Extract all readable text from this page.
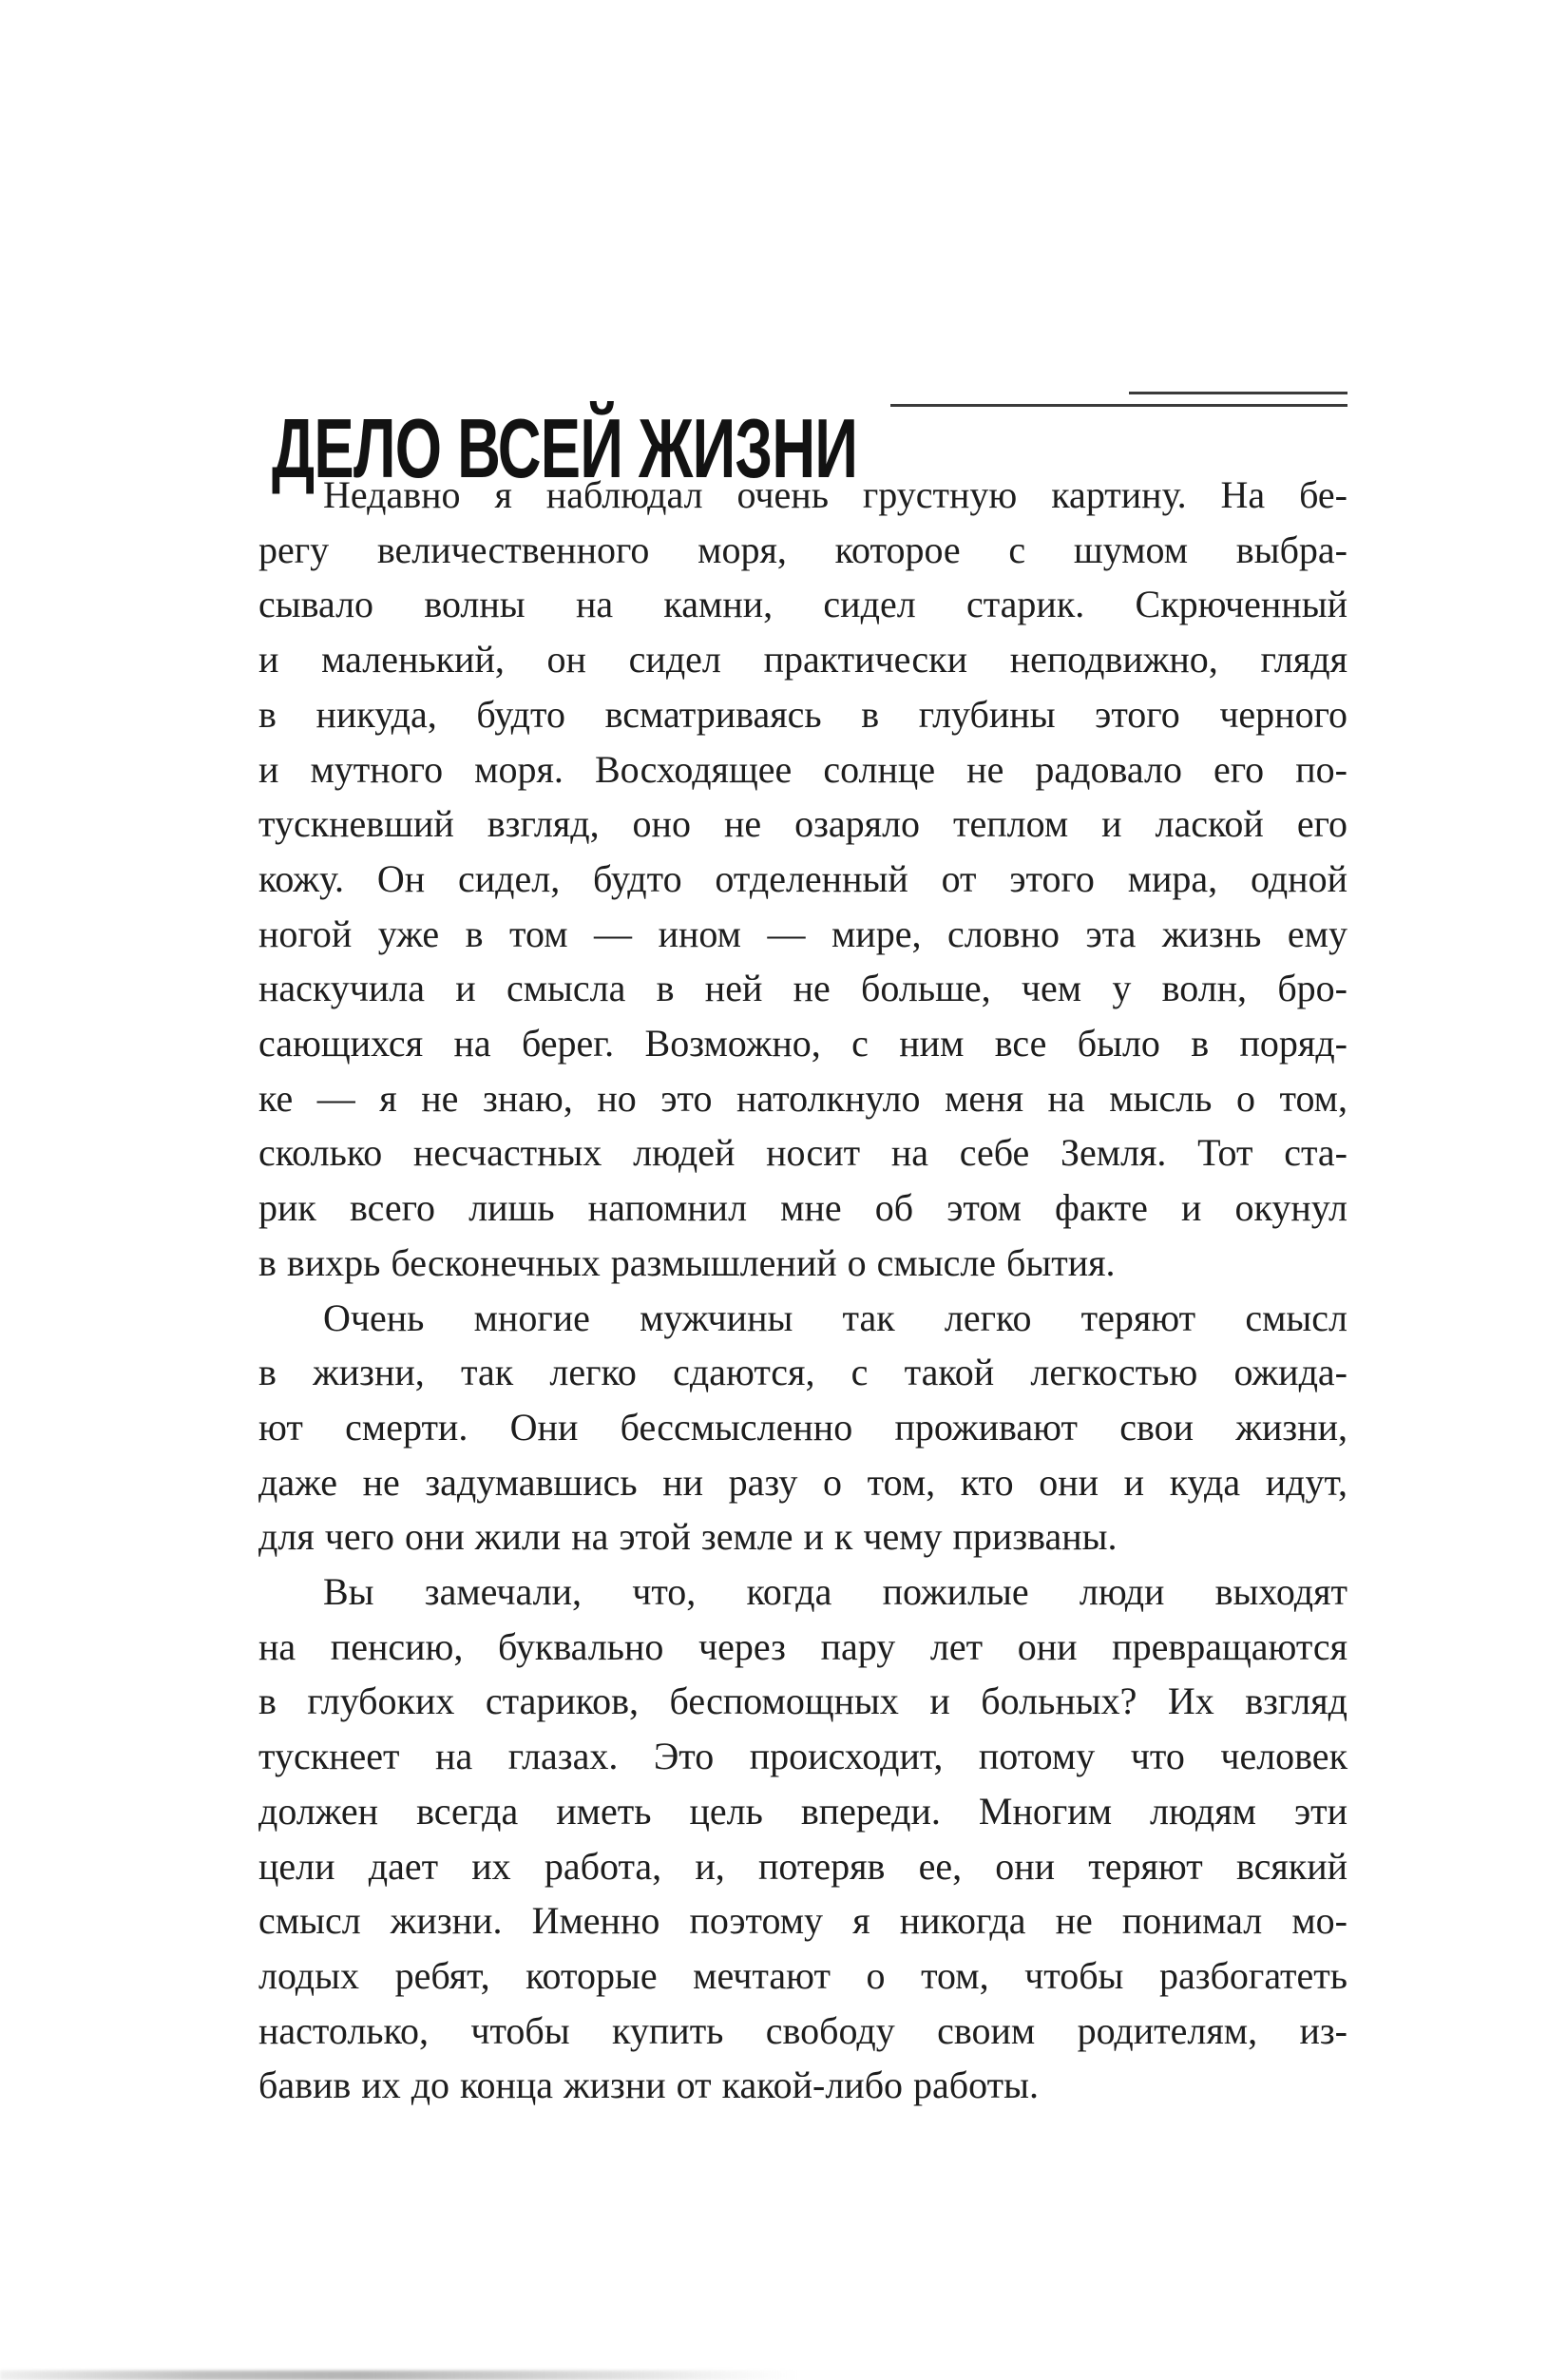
ДЕЛО ВСЕЙ ЖИЗНИ
Недавно я наблюдал очень грустную картину. На бе-
регу величественного моря, которое с шумом выбра-
сывало волны на камни, сидел старик. Скрюченный
и маленький, он сидел практически неподвижно, глядя
в никуда, будто всматриваясь в глубины этого черного
и мутного моря. Восходящее солнце не радовало его по-
тускневший взгляд, оно не озаряло теплом и лаской его
кожу. Он сидел, будто отделенный от этого мира, одной
ногой уже в том — ином — мире, словно эта жизнь ему
наскучила и смысла в ней не больше, чем у волн, бро-
сающихся на берег. Возможно, с ним все было в поряд-
ке — я не знаю, но это натолкнуло меня на мысль о том,
сколько несчастных людей носит на себе Земля. Тот ста-
рик всего лишь напомнил мне об этом факте и окунул
в вихрь бесконечных размышлений о смысле бытия.
Очень многие мужчины так легко теряют смысл
в жизни, так легко сдаются, с такой легкостью ожида-
ют смерти. Они бессмысленно проживают свои жизни,
даже не задумавшись ни разу о том, кто они и куда идут,
для чего они жили на этой земле и к чему призваны.
Вы замечали, что, когда пожилые люди выходят
на пенсию, буквально через пару лет они превращаются
в глубоких стариков, беспомощных и больных? Их взгляд
тускнеет на глазах. Это происходит, потому что человек
должен всегда иметь цель впереди. Многим людям эти
цели дает их работа, и, потеряв ее, они теряют всякий
смысл жизни. Именно поэтому я никогда не понимал мо-
лодых ребят, которые мечтают о том, чтобы разбогатеть
настолько, чтобы купить свободу своим родителям, из-
бавив их до конца жизни от какой-либо работы.
